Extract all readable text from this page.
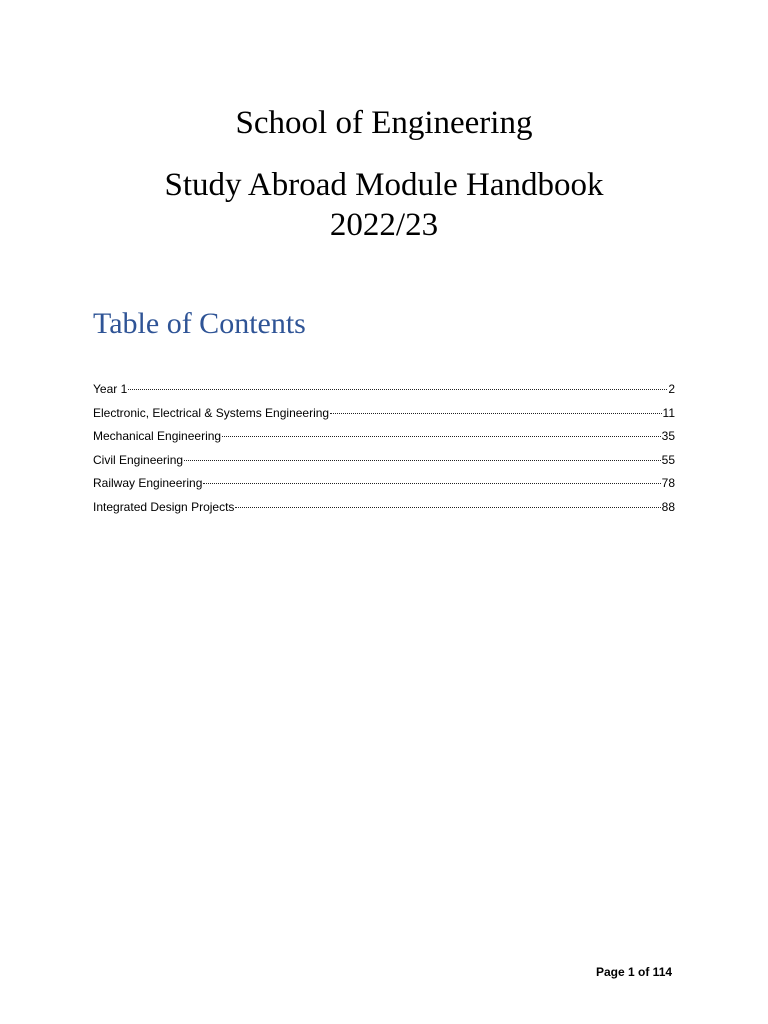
School of Engineering
Study Abroad Module Handbook
2022/23
Table of Contents
Year 1	2
Electronic, Electrical & Systems Engineering	11
Mechanical Engineering	35
Civil Engineering	55
Railway Engineering	78
Integrated Design Projects	88
Page 1 of 114
